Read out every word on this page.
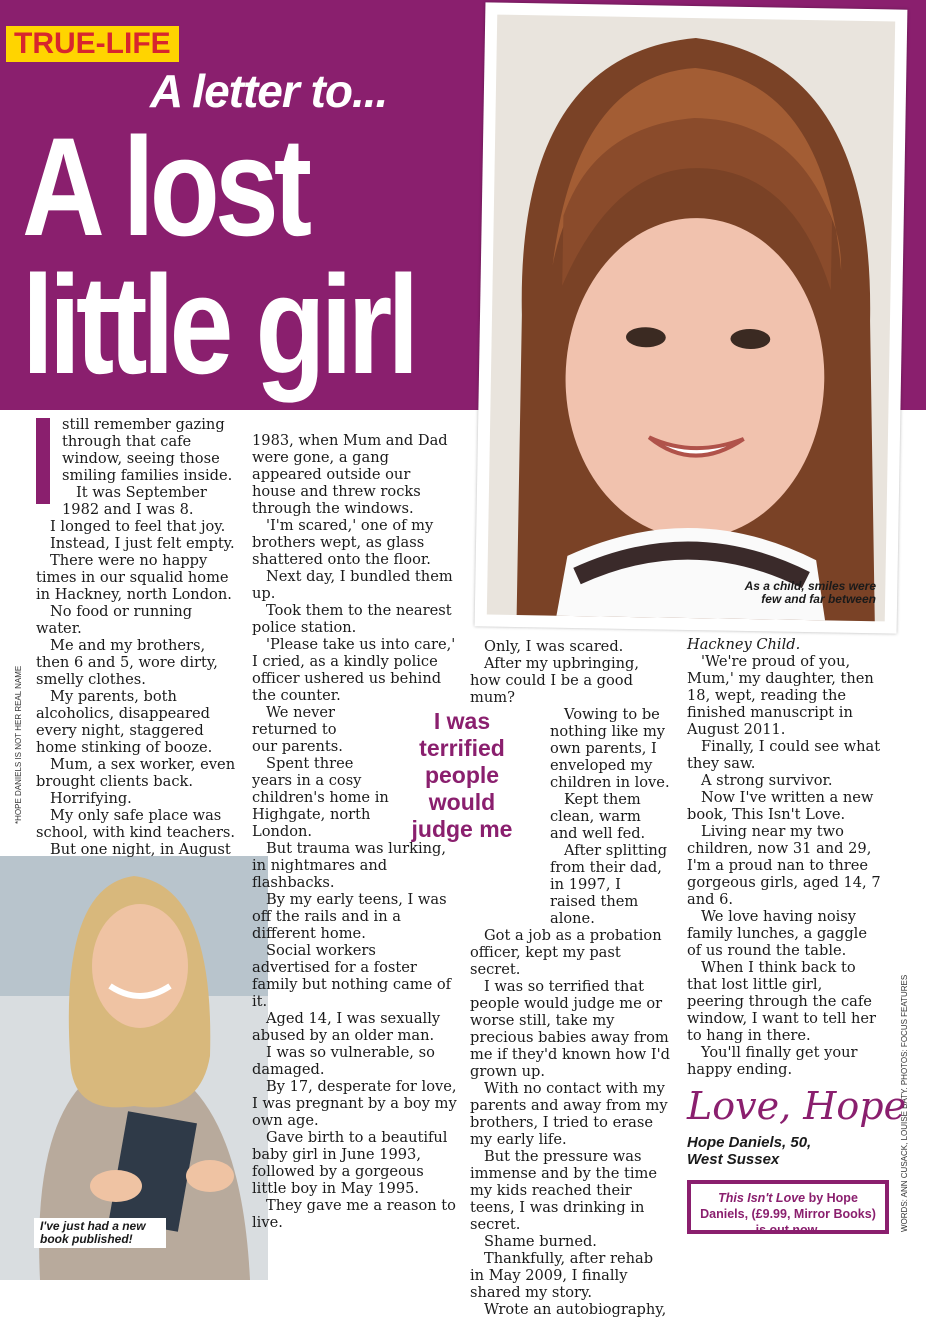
TRUE-LIFE
A letter to...
A lost
little girl
As a child, smiles were few and far between
I've just had a new book published!
*HOPE DANIELS IS NOT HER REAL NAME
WORDS: ANN CUSACK, LOUISE BATY. PHOTOS: FOCUS FEATURES

still remember gazing through that cafe window, seeing those smiling families inside.

It was September 1982 and I was 8.

I longed to feel that joy.

Instead, I just felt empty.

There were no happy times in our squalid home in Hackney, north London.

No food or running water.

Me and my brothers, then 6 and 5, wore dirty, smelly clothes.

My parents, both alcoholics, disappeared every night, staggered home stinking of booze.

Mum, a sex worker, even brought clients back.

Horrifying.

My only safe place was school, with kind teachers.

But one night, in August

1983, when Mum and Dad were gone, a gang appeared outside our house and threw rocks through the windows.

'I'm scared,' one of my brothers wept, as glass shattered onto the floor.

Next day, I bundled them up.

Took them to the nearest police station.

'Please take us into care,' I cried, as a kindly police officer ushered us behind the counter.

We never returned to our parents.

Spent three years in a cosy children's home in Highgate, north London.

But trauma was lurking, in nightmares and flashbacks.

By my early teens, I was off the rails and in a different home.

Social workers advertised for a foster family but nothing came of it.

Aged 14, I was sexually abused by an older man.

I was so vulnerable, so damaged.

By 17, desperate for love, I was pregnant by a boy my own age.

Gave birth to a beautiful baby girl in June 1993, followed by a gorgeous little boy in May 1995.

They gave me a reason to live.

I was terrified people would judge me

Only, I was scared.

After my upbringing, how could I be a good mum?

Vowing to be nothing like my own parents, I enveloped my children in love.

Kept them clean, warm and well fed.

After splitting from their dad, in 1997, I raised them alone.

Got a job as a probation officer, kept my past secret.

I was so terrified that people would judge me or worse still, take my precious babies away from me if they'd known how I'd grown up.

With no contact with my parents and away from my brothers, I tried to erase my early life.

But the pressure was immense and by the time my kids reached their teens, I was drinking in secret.

Shame burned.

Thankfully, after rehab in May 2009, I finally shared my story.

Wrote an autobiography,

Hackney Child.

'We're proud of you, Mum,' my daughter, then 18, wept, reading the finished manuscript in August 2011.

Finally, I could see what they saw.

A strong survivor.

Now I've written a new book, This Isn't Love.

Living near my two children, now 31 and 29, I'm a proud nan to three gorgeous girls, aged 14, 7 and 6.

We love having noisy family lunches, a gaggle of us round the table.

When I think back to that lost little girl, peering through the cafe window, I want to tell her to hang in there.

You'll finally get your happy ending.

Love, Hope
Hope Daniels, 50,
West Sussex
This Isn't Love by Hope Daniels, (£9.99, Mirror Books) is out now.
